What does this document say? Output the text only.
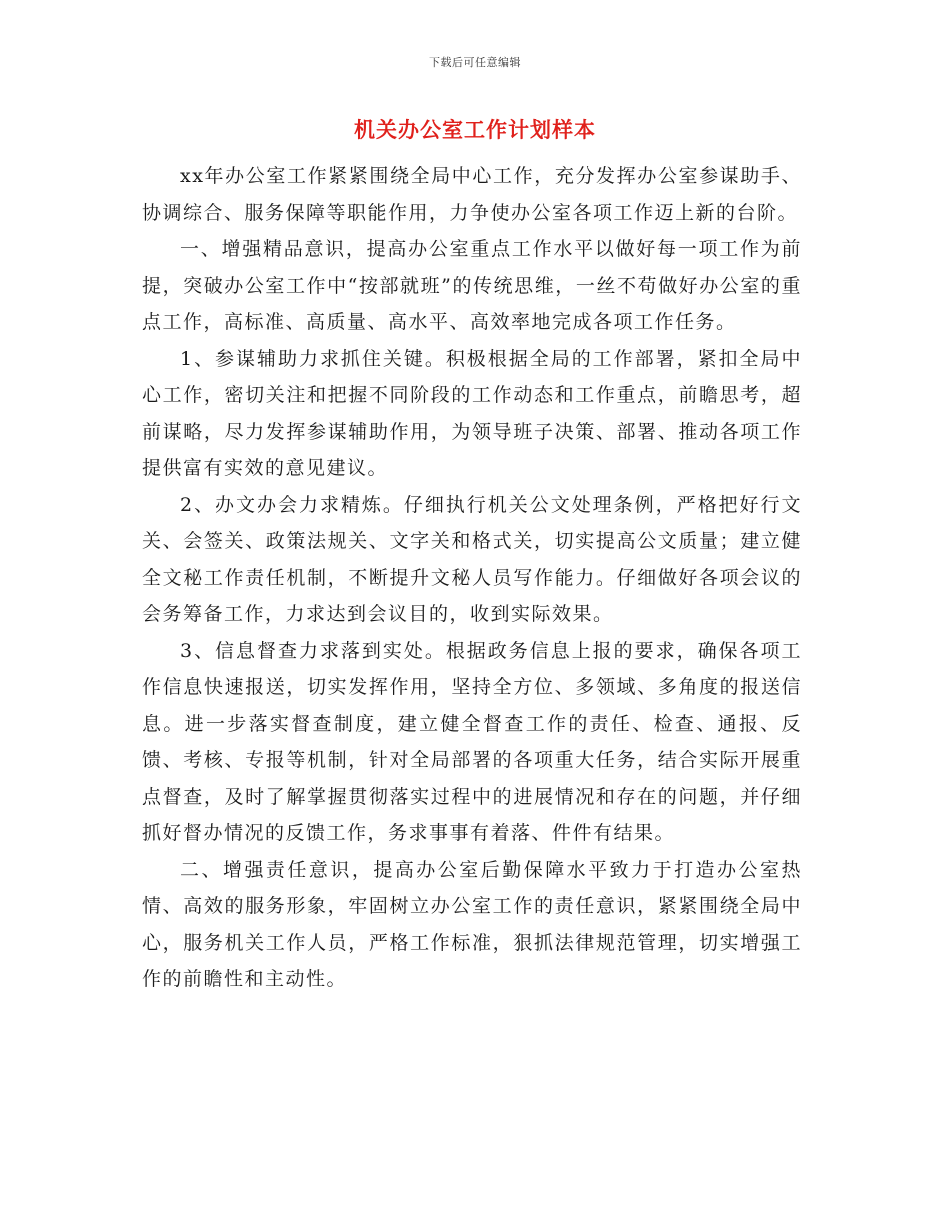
下载后可任意编辑
机关办公室工作计划样本

xx年办公室工作紧紧围绕全局中心工作，充分发挥办公室参谋助手、协调综合、服务保障等职能作用，力争使办公室各项工作迈上新的台阶。

一、增强精品意识，提高办公室重点工作水平以做好每一项工作为前提，突破办公室工作中“按部就班”的传统思维，一丝不苟做好办公室的重点工作，高标准、高质量、高水平、高效率地完成各项工作任务。

1、参谋辅助力求抓住关键。积极根据全局的工作部署，紧扣全局中心工作，密切关注和把握不同阶段的工作动态和工作重点，前瞻思考，超前谋略，尽力发挥参谋辅助作用，为领导班子决策、部署、推动各项工作提供富有实效的意见建议。

2、办文办会力求精炼。仔细执行机关公文处理条例，严格把好行文关、会签关、政策法规关、文字关和格式关，切实提高公文质量；建立健全文秘工作责任机制，不断提升文秘人员写作能力。仔细做好各项会议的会务筹备工作，力求达到会议目的，收到实际效果。

3、信息督查力求落到实处。根据政务信息上报的要求，确保各项工作信息快速报送，切实发挥作用，坚持全方位、多领域、多角度的报送信息。进一步落实督查制度，建立健全督查工作的责任、检查、通报、反馈、考核、专报等机制，针对全局部署的各项重大任务，结合实际开展重点督查，及时了解掌握贯彻落实过程中的进展情况和存在的问题，并仔细抓好督办情况的反馈工作，务求事事有着落、件件有结果。

二、增强责任意识，提高办公室后勤保障水平致力于打造办公室热情、高效的服务形象，牢固树立办公室工作的责任意识，紧紧围绕全局中心，服务机关工作人员，严格工作标准，狠抓法律规范管理，切实增强工作的前瞻性和主动性。
